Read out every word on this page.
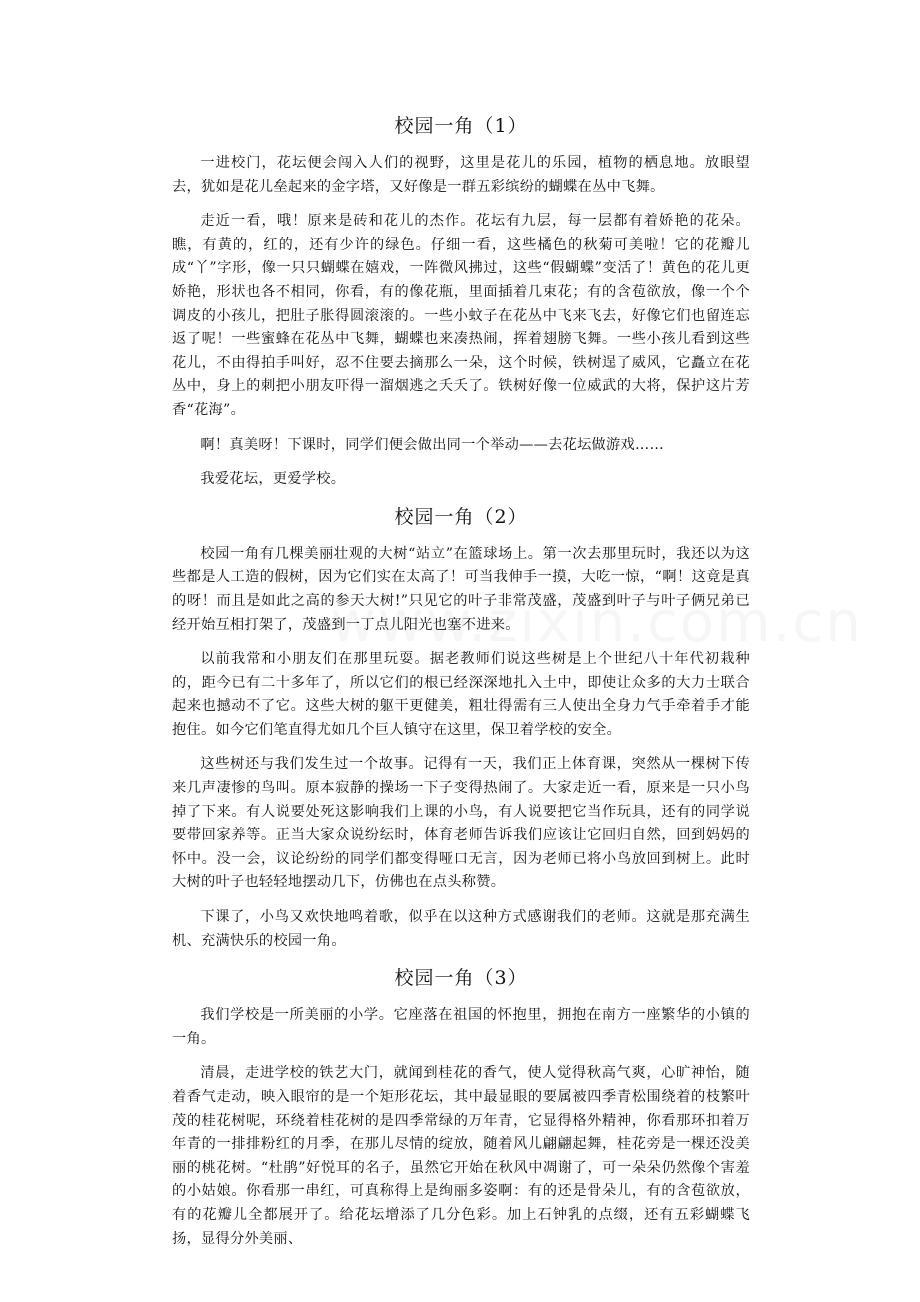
校园一角（1）

一进校门，花坛便会闯入人们的视野，这里是花儿的乐园，植物的栖息地。放眼望去，犹如是花儿垒起来的金字塔，又好像是一群五彩缤纷的蝴蝶在丛中飞舞。

走近一看，哦！原来是砖和花儿的杰作。花坛有九层，每一层都有着娇艳的花朵。瞧，有黄的，红的，还有少许的绿色。仔细一看，这些橘色的秋菊可美啦！它的花瓣儿成“丫”字形，像一只只蝴蝶在嬉戏，一阵微风拂过，这些“假蝴蝶”变活了！黄色的花儿更娇艳，形状也各不相同，你看，有的像花瓶，里面插着几束花；有的含苞欲放，像一个个调皮的小孩儿，把肚子胀得圆滚滚的。一些小蚊子在花丛中飞来飞去，好像它们也留连忘返了呢！一些蜜蜂在花丛中飞舞，蝴蝶也来凑热闹，挥着翅膀飞舞。一些小孩儿看到这些花儿，不由得拍手叫好，忍不住要去摘那么一朵，这个时候，铁树逞了威风，它矗立在花丛中，身上的刺把小朋友吓得一溜烟逃之夭夭了。铁树好像一位威武的大将，保护这片芳香“花海”。

啊！真美呀！下课时，同学们便会做出同一个举动——去花坛做游戏……

我爱花坛，更爱学校。

校园一角（2）

校园一角有几棵美丽壮观的大树“站立”在篮球场上。第一次去那里玩时，我还以为这些都是人工造的假树，因为它们实在太高了！可当我伸手一摸，大吃一惊，“啊！这竟是真的呀！而且是如此之高的参天大树!”只见它的叶子非常茂盛，茂盛到叶子与叶子俩兄弟已经开始互相打架了，茂盛到一丁点儿阳光也塞不进来。

以前我常和小朋友们在那里玩耍。据老教师们说这些树是上个世纪八十年代初栽种的，距今已有二十多年了，所以它们的根已经深深地扎入土中，即使让众多的大力士联合起来也撼动不了它。这些大树的躯干更健美，粗壮得需有三人使出全身力气手牵着手才能抱住。如今它们笔直得尤如几个巨人镇守在这里，保卫着学校的安全。

这些树还与我们发生过一个故事。记得有一天，我们正上体育课，突然从一棵树下传来几声凄惨的鸟叫。原本寂静的操场一下子变得热闹了。大家走近一看，原来是一只小鸟掉了下来。有人说要处死这影响我们上课的小鸟，有人说要把它当作玩具，还有的同学说要带回家养等。正当大家众说纷纭时，体育老师告诉我们应该让它回归自然，回到妈妈的怀中。没一会，议论纷纷的同学们都变得哑口无言，因为老师已将小鸟放回到树上。此时大树的叶子也轻轻地摆动几下，仿佛也在点头称赞。

下课了，小鸟又欢快地鸣着歌，似乎在以这种方式感谢我们的老师。这就是那充满生机、充满快乐的校园一角。

校园一角（3）

我们学校是一所美丽的小学。它座落在祖国的怀抱里，拥抱在南方一座繁华的小镇的一角。

清晨，走进学校的铁艺大门，就闻到桂花的香气，使人觉得秋高气爽，心旷神怡，随着香气走动，映入眼帘的是一个矩形花坛，其中最显眼的要属被四季青松围绕着的枝繁叶茂的桂花树呢，环绕着桂花树的是四季常绿的万年青，它显得格外精神，你看那环扣着万年青的一排排粉红的月季，在那儿尽情的绽放，随着风儿翩翩起舞，桂花旁是一棵还没美丽的桃花树。“杜鹃”好悦耳的名子，虽然它开始在秋风中凋谢了，可一朵朵仍然像个害羞的小姑娘。你看那一串红，可真称得上是绚丽多姿啊：有的还是骨朵儿，有的含苞欲放，有的花瓣儿全都展开了。给花坛增添了几分色彩。加上石钟乳的点缀，还有五彩蝴蝶飞扬，显得分外美丽、
